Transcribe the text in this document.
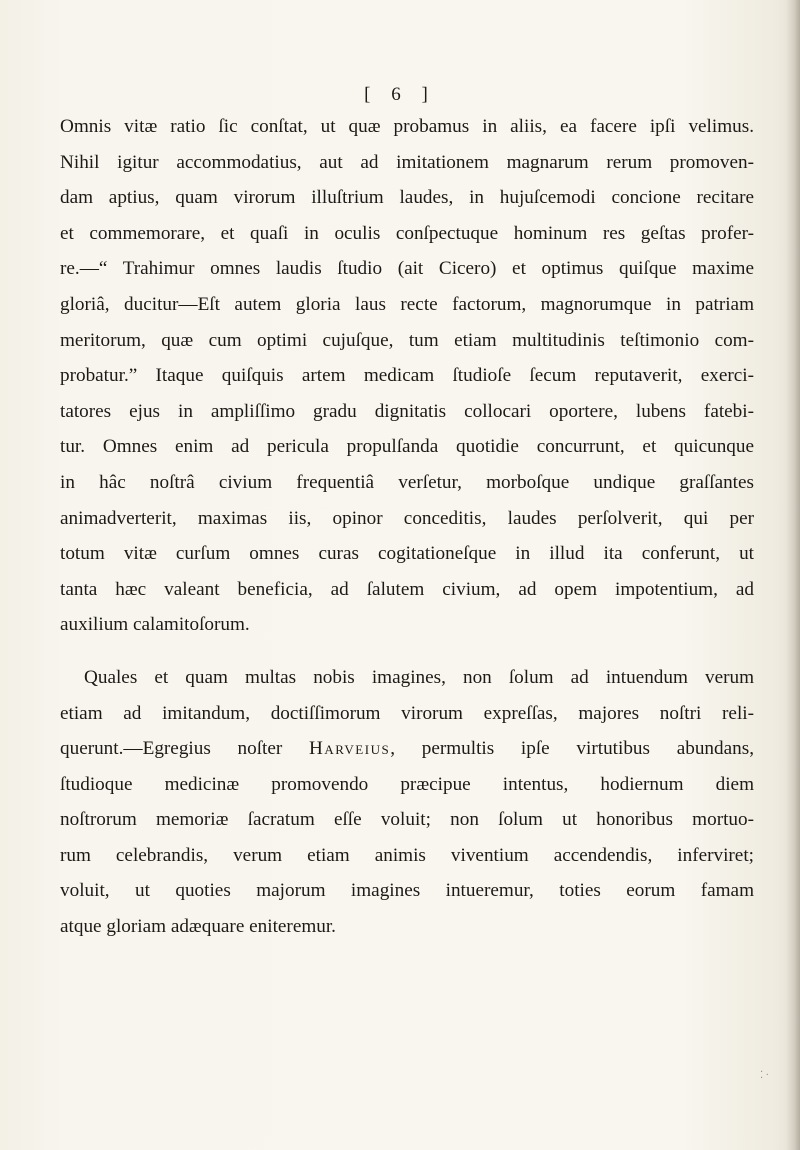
[ 6 ]
Omnis vitæ ratio ſic conſtat, ut quæ probamus in aliis, ea facere ipſi velimus.
Nihil igitur accommodatius, aut ad imitationem magnarum rerum promoven-
dam aptius, quam virorum illuſtrium laudes, in hujuſcemodi concione recitare
et commemorare, et quaſi in oculis conſpectuque hominum res geſtas profer-
re.—“ Trahimur omnes laudis ſtudio (ait Cicero) et optimus quiſque maxime
gloriâ, ducitur—Eſt autem gloria laus recte factorum, magnorumque in patriam
meritorum, quæ cum optimi cujuſque, tum etiam multitudinis teſtimonio com-
probatur.” Itaque quiſquis artem medicam ſtudioſe ſecum reputaverit, exerci-
tatores ejus in ampliſſimo gradu dignitatis collocari oportere, lubens fatebi-
tur. Omnes enim ad pericula propulſanda quotidie concurrunt, et quicunque
in hâc noſtrâ civium frequentiâ verſetur, morboſque undique graſſantes
animadverterit, maximas iis, opinor conceditis, laudes perſolverit, qui per
totum vitæ curſum omnes curas cogitationeſque in illud ita conferunt, ut
tanta hæc valeant beneficia, ad ſalutem civium, ad opem impotentium, ad
auxilium calamitoſorum.
Quales et quam multas nobis imagines, non ſolum ad intuendum verum
etiam ad imitandum, doctiſſimorum virorum expreſſas, majores noſtri reli-
querunt.—Egregius noſter Harveius, permultis ipſe virtutibus abundans,
ſtudioque medicinæ promovendo præcipue intentus, hodiernum diem
noſtrorum memoriæ ſacratum eſſe voluit; non ſolum ut honoribus mortuo-
rum celebrandis, verum etiam animis viventium accendendis, inferviret;
voluit, ut quoties majorum imagines intueremur, toties eorum famam
atque gloriam adæquare eniteremur.
⁚ ·
